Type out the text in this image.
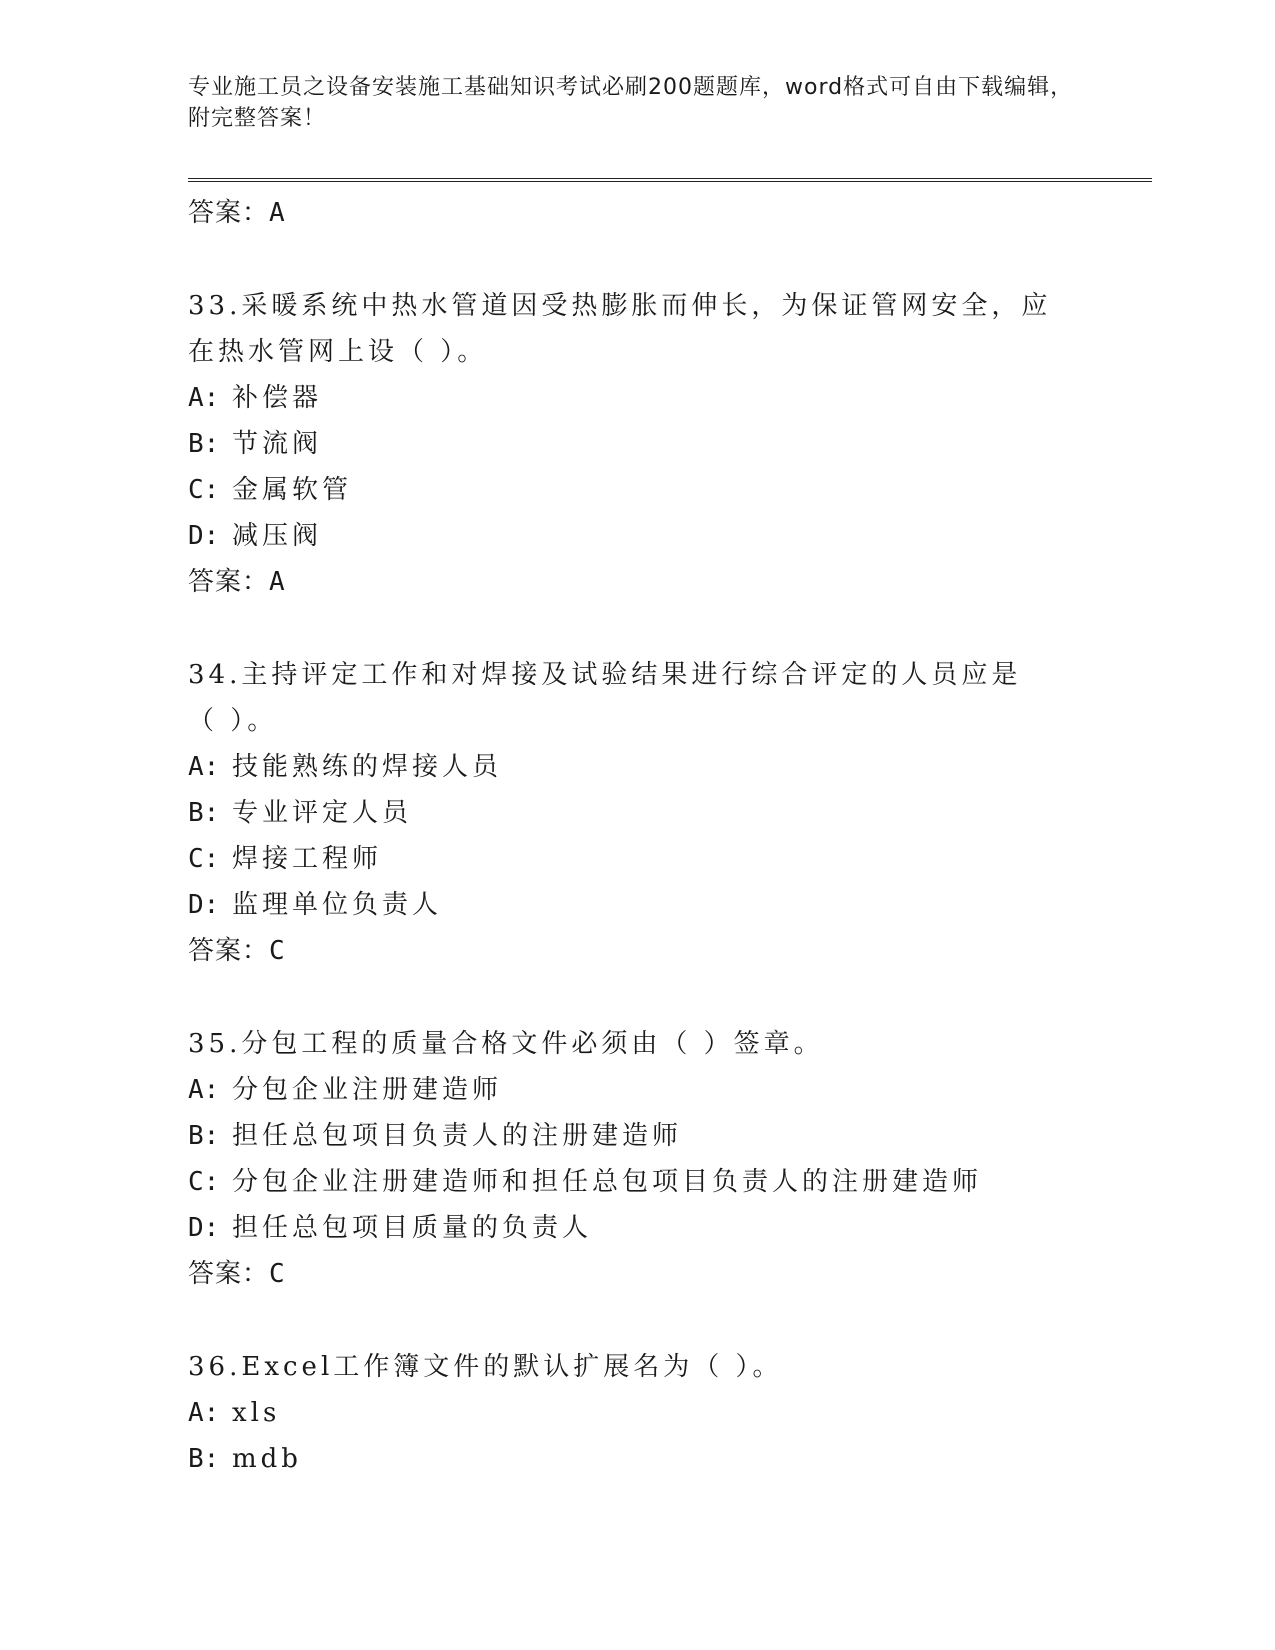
专业施工员之设备安装施工基础知识考试必刷200题题库，word格式可自由下载编辑，附完整答案！
答案：A
33.采暖系统中热水管道因受热膨胀而伸长，为保证管网安全，应在热水管网上设（ ）。
A: 补偿器
B: 节流阀
C: 金属软管
D: 减压阀
答案：A
34.主持评定工作和对焊接及试验结果进行综合评定的人员应是（ ）。
A: 技能熟练的焊接人员
B: 专业评定人员
C: 焊接工程师
D: 监理单位负责人
答案：C
35.分包工程的质量合格文件必须由（ ）签章。
A: 分包企业注册建造师
B: 担任总包项目负责人的注册建造师
C: 分包企业注册建造师和担任总包项目负责人的注册建造师
D: 担任总包项目质量的负责人
答案：C
36.Excel工作簿文件的默认扩展名为（ ）。
A: xls
B: mdb
